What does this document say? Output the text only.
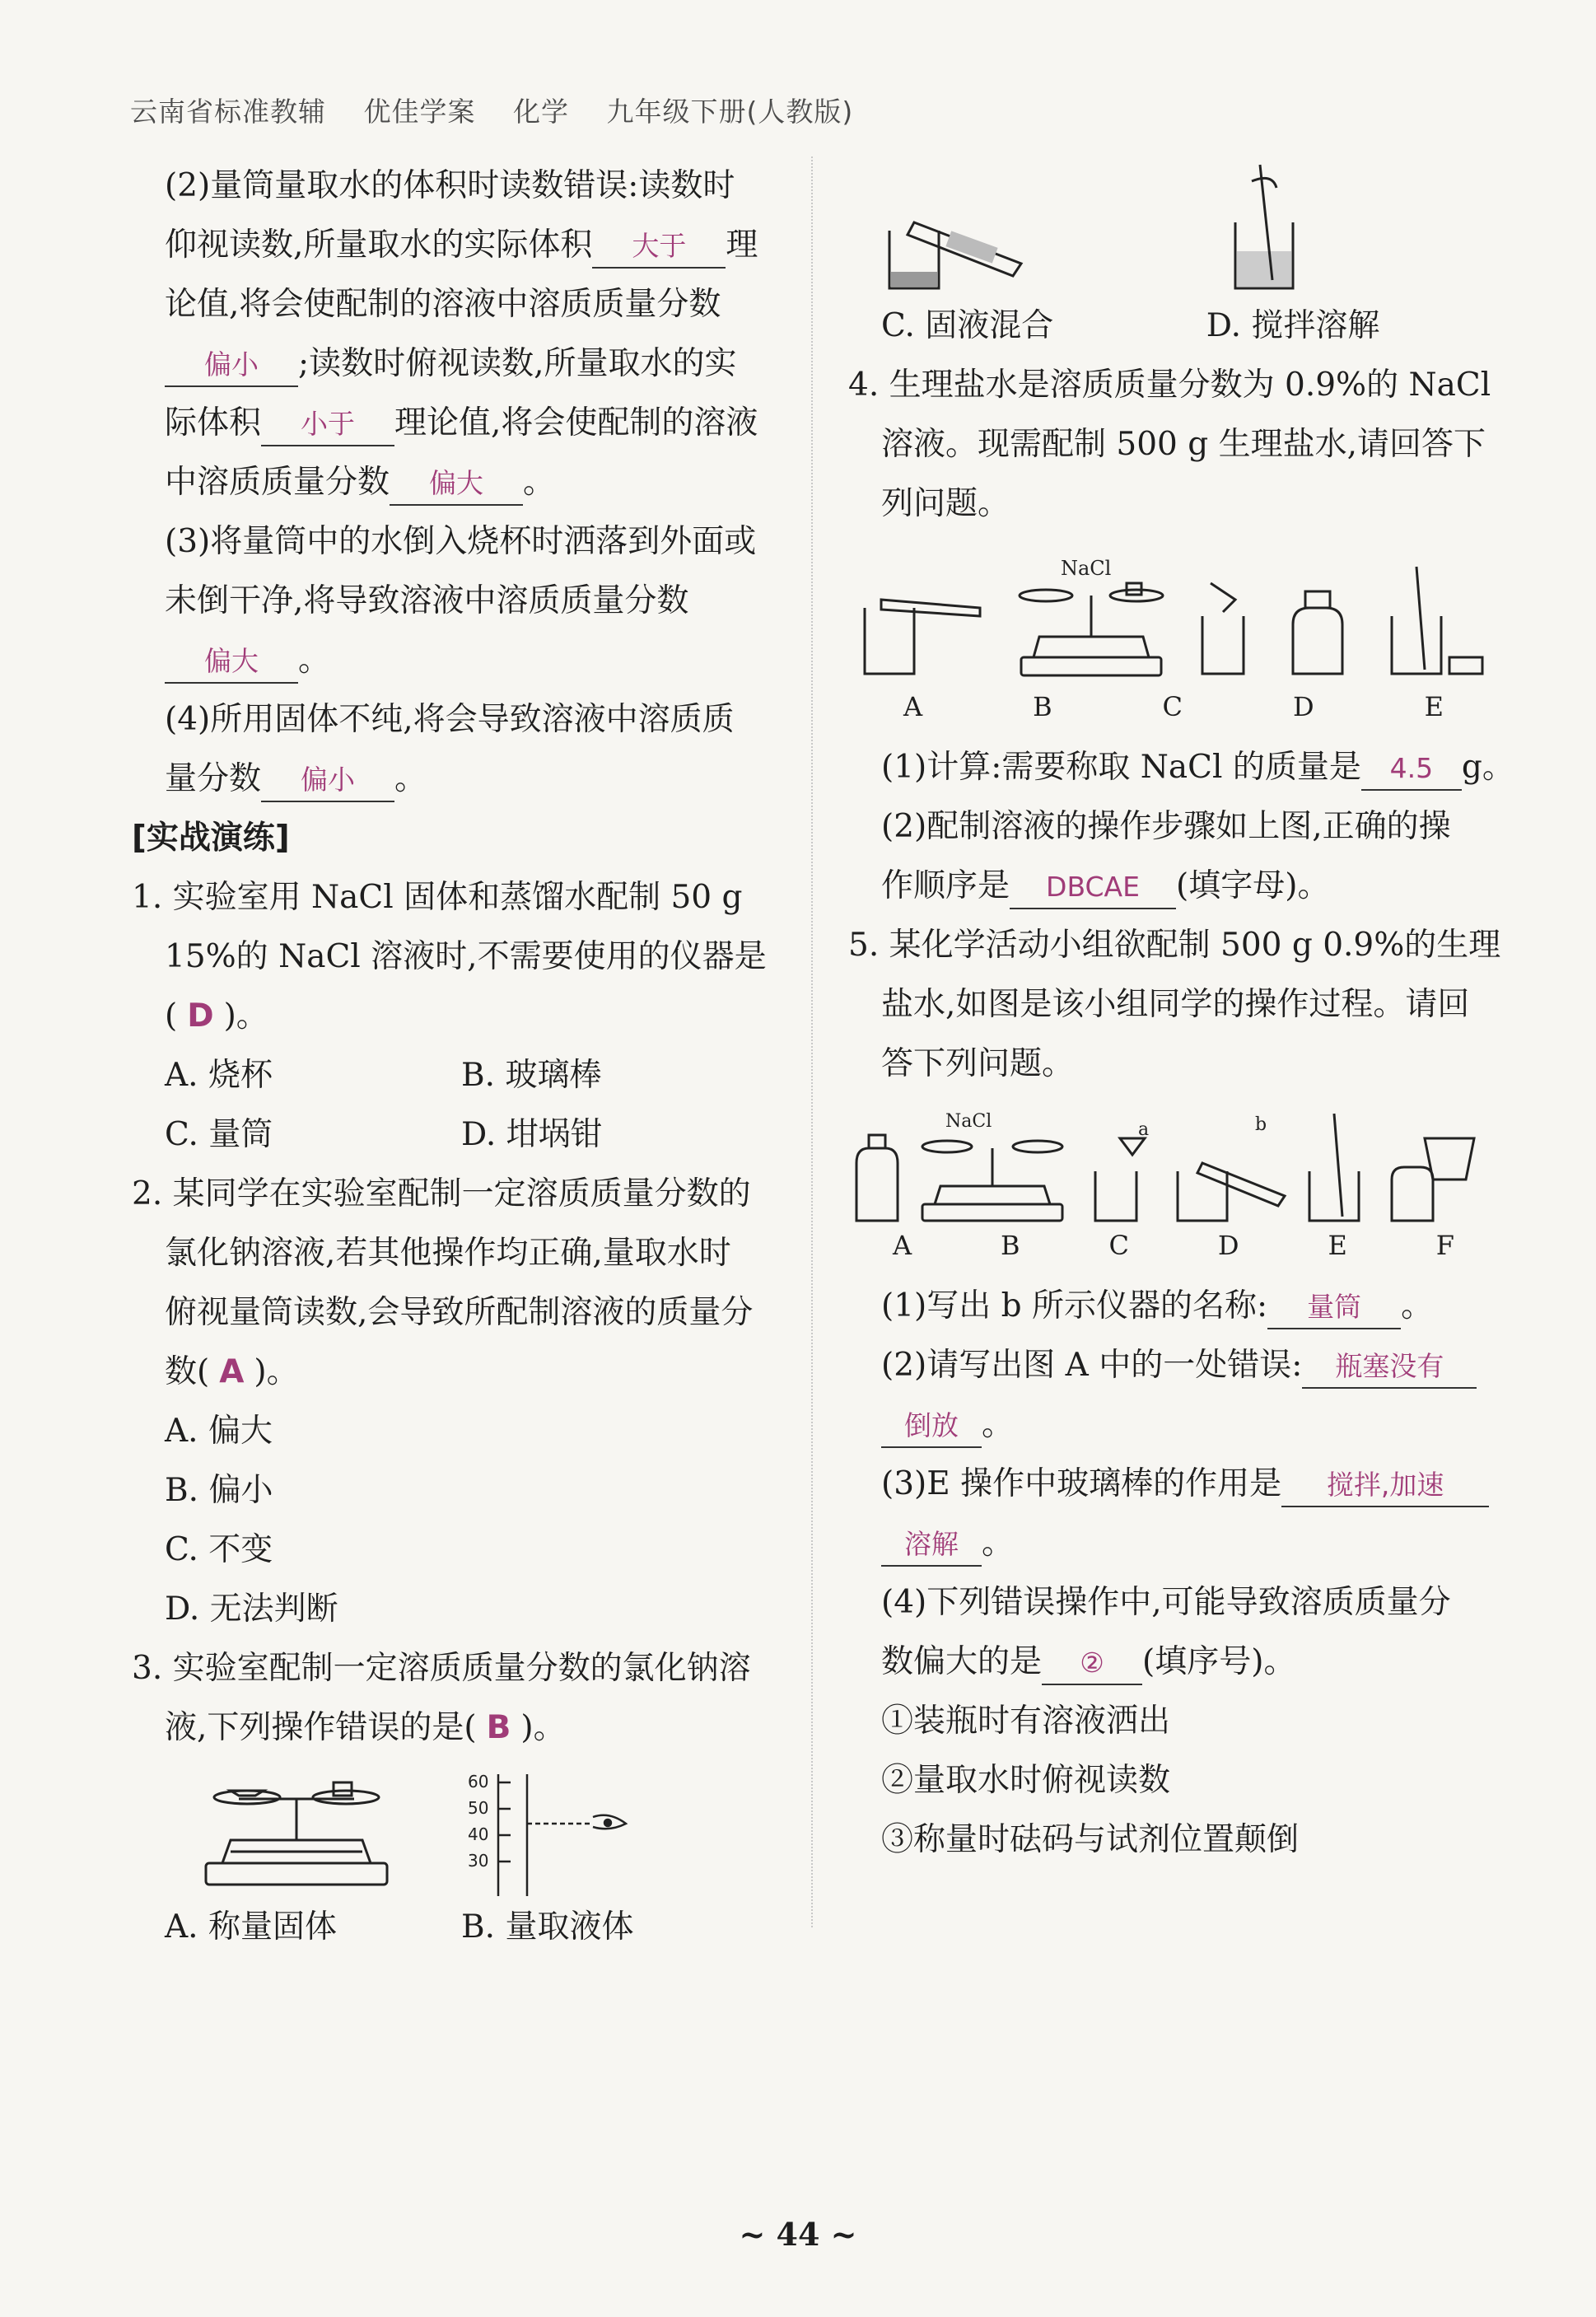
云南省标准教辅 优佳学案 化学 九年级下册(人教版)
(2)量筒量取水的体积时读数错误:读数时
仰视读数,所量取水的实际体积 大于 理
论值,将会使配制的溶液中溶质质量分数
偏小 ;读数时俯视读数,所量取水的实
际体积 小于 理论值,将会使配制的溶液
中溶质质量分数 偏大 。
(3)将量筒中的水倒入烧杯时洒落到外面或
未倒干净,将导致溶液中溶质质量分数
偏大 。
(4)所用固体不纯,将会导致溶液中溶质质
量分数 偏小 。
[实战演练]
1. 实验室用 NaCl 固体和蒸馏水配制 50 g
15%的 NaCl 溶液时,不需要使用的仪器是
( D )。
A. 烧杯	B. 玻璃棒
C. 量筒	D. 坩埚钳
2. 某同学在实验室配制一定溶质质量分数的
氯化钠溶液,若其他操作均正确,量取水时
俯视量筒读数,会导致所配制溶液的质量分
数( A )。
A. 偏大
B. 偏小
C. 不变
D. 无法判断
3. 实验室配制一定溶质质量分数的氯化钠溶
液,下列操作错误的是( B )。
60
50
40
30
A. 称量固体	B. 量取液体
C. 固液混合	D. 搅拌溶解
4. 生理盐水是溶质质量分数为 0.9%的 NaCl
溶液。现需配制 500 g 生理盐水,请回答下
列问题。
NaCl
A	B	C	D	E
(1)计算:需要称取 NaCl 的质量是 4.5 g。
(2)配制溶液的操作步骤如上图,正确的操
作顺序是 DBCAE (填字母)。
5. 某化学活动小组欲配制 500 g 0.9%的生理
盐水,如图是该小组同学的操作过程。请回
答下列问题。
NaCl	a	b
A	B	C	D	E	F
(1)写出 b 所示仪器的名称: 量筒 。
(2)请写出图 A 中的一处错误: 瓶塞没有
倒放 。
(3)E 操作中玻璃棒的作用是 搅拌,加速
溶解 。
(4)下列错误操作中,可能导致溶质质量分
数偏大的是 ② (填序号)。
①装瓶时有溶液洒出
②量取水时俯视读数
③称量时砝码与试剂位置颠倒
~ 44 ~
